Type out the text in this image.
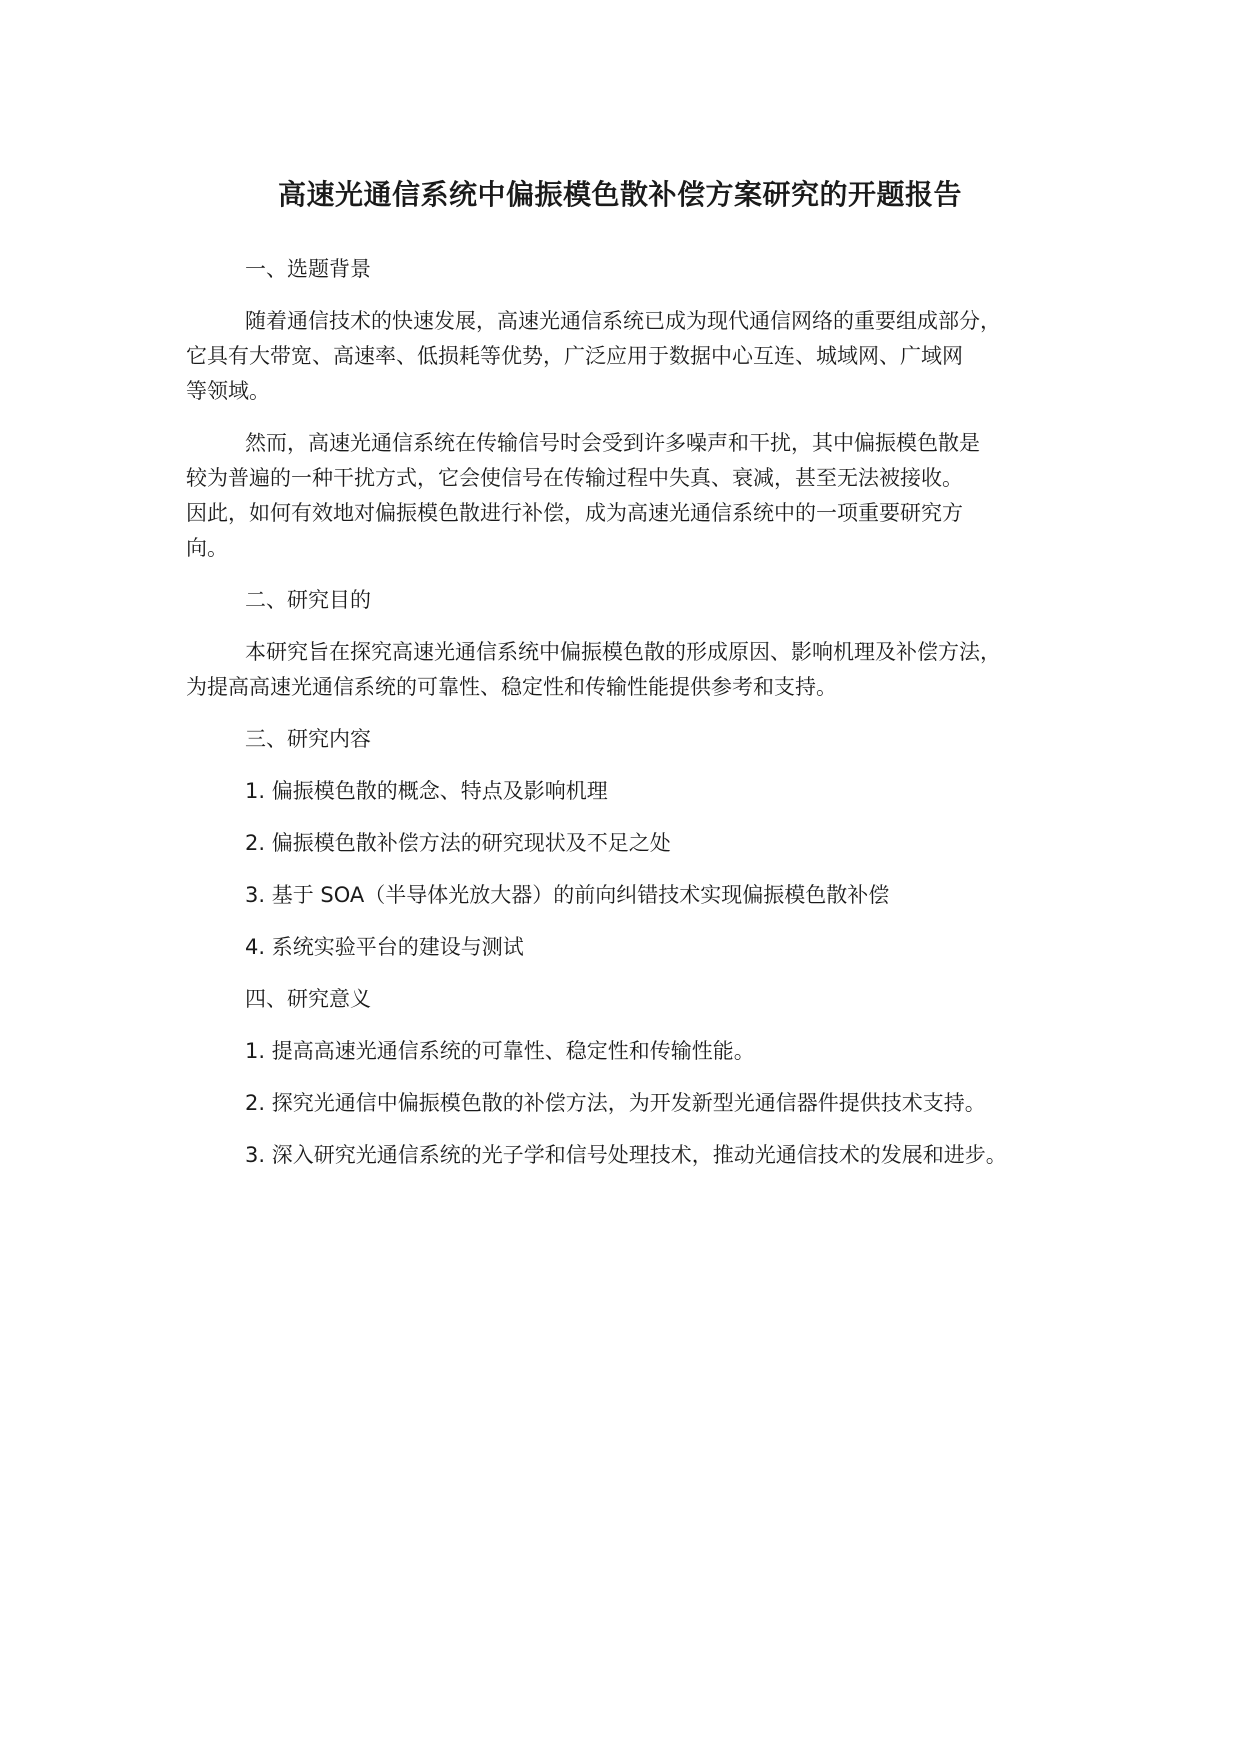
高速光通信系统中偏振模色散补偿方案研究的开题报告

一、选题背景

随着通信技术的快速发展，高速光通信系统已成为现代通信网络的重要组成部分，

它具有大带宽、高速率、低损耗等优势，广泛应用于数据中心互连、城域网、广域网

等领域。

然而，高速光通信系统在传输信号时会受到许多噪声和干扰，其中偏振模色散是

较为普遍的一种干扰方式，它会使信号在传输过程中失真、衰减，甚至无法被接收。

因此，如何有效地对偏振模色散进行补偿，成为高速光通信系统中的一项重要研究方

向。

二、研究目的

本研究旨在探究高速光通信系统中偏振模色散的形成原因、影响机理及补偿方法，

为提高高速光通信系统的可靠性、稳定性和传输性能提供参考和支持。

三、研究内容

1. 偏振模色散的概念、特点及影响机理

2. 偏振模色散补偿方法的研究现状及不足之处

3. 基于 SOA（半导体光放大器）的前向纠错技术实现偏振模色散补偿

4. 系统实验平台的建设与测试

四、研究意义

1. 提高高速光通信系统的可靠性、稳定性和传输性能。

2. 探究光通信中偏振模色散的补偿方法，为开发新型光通信器件提供技术支持。

3. 深入研究光通信系统的光子学和信号处理技术，推动光通信技术的发展和进步。
